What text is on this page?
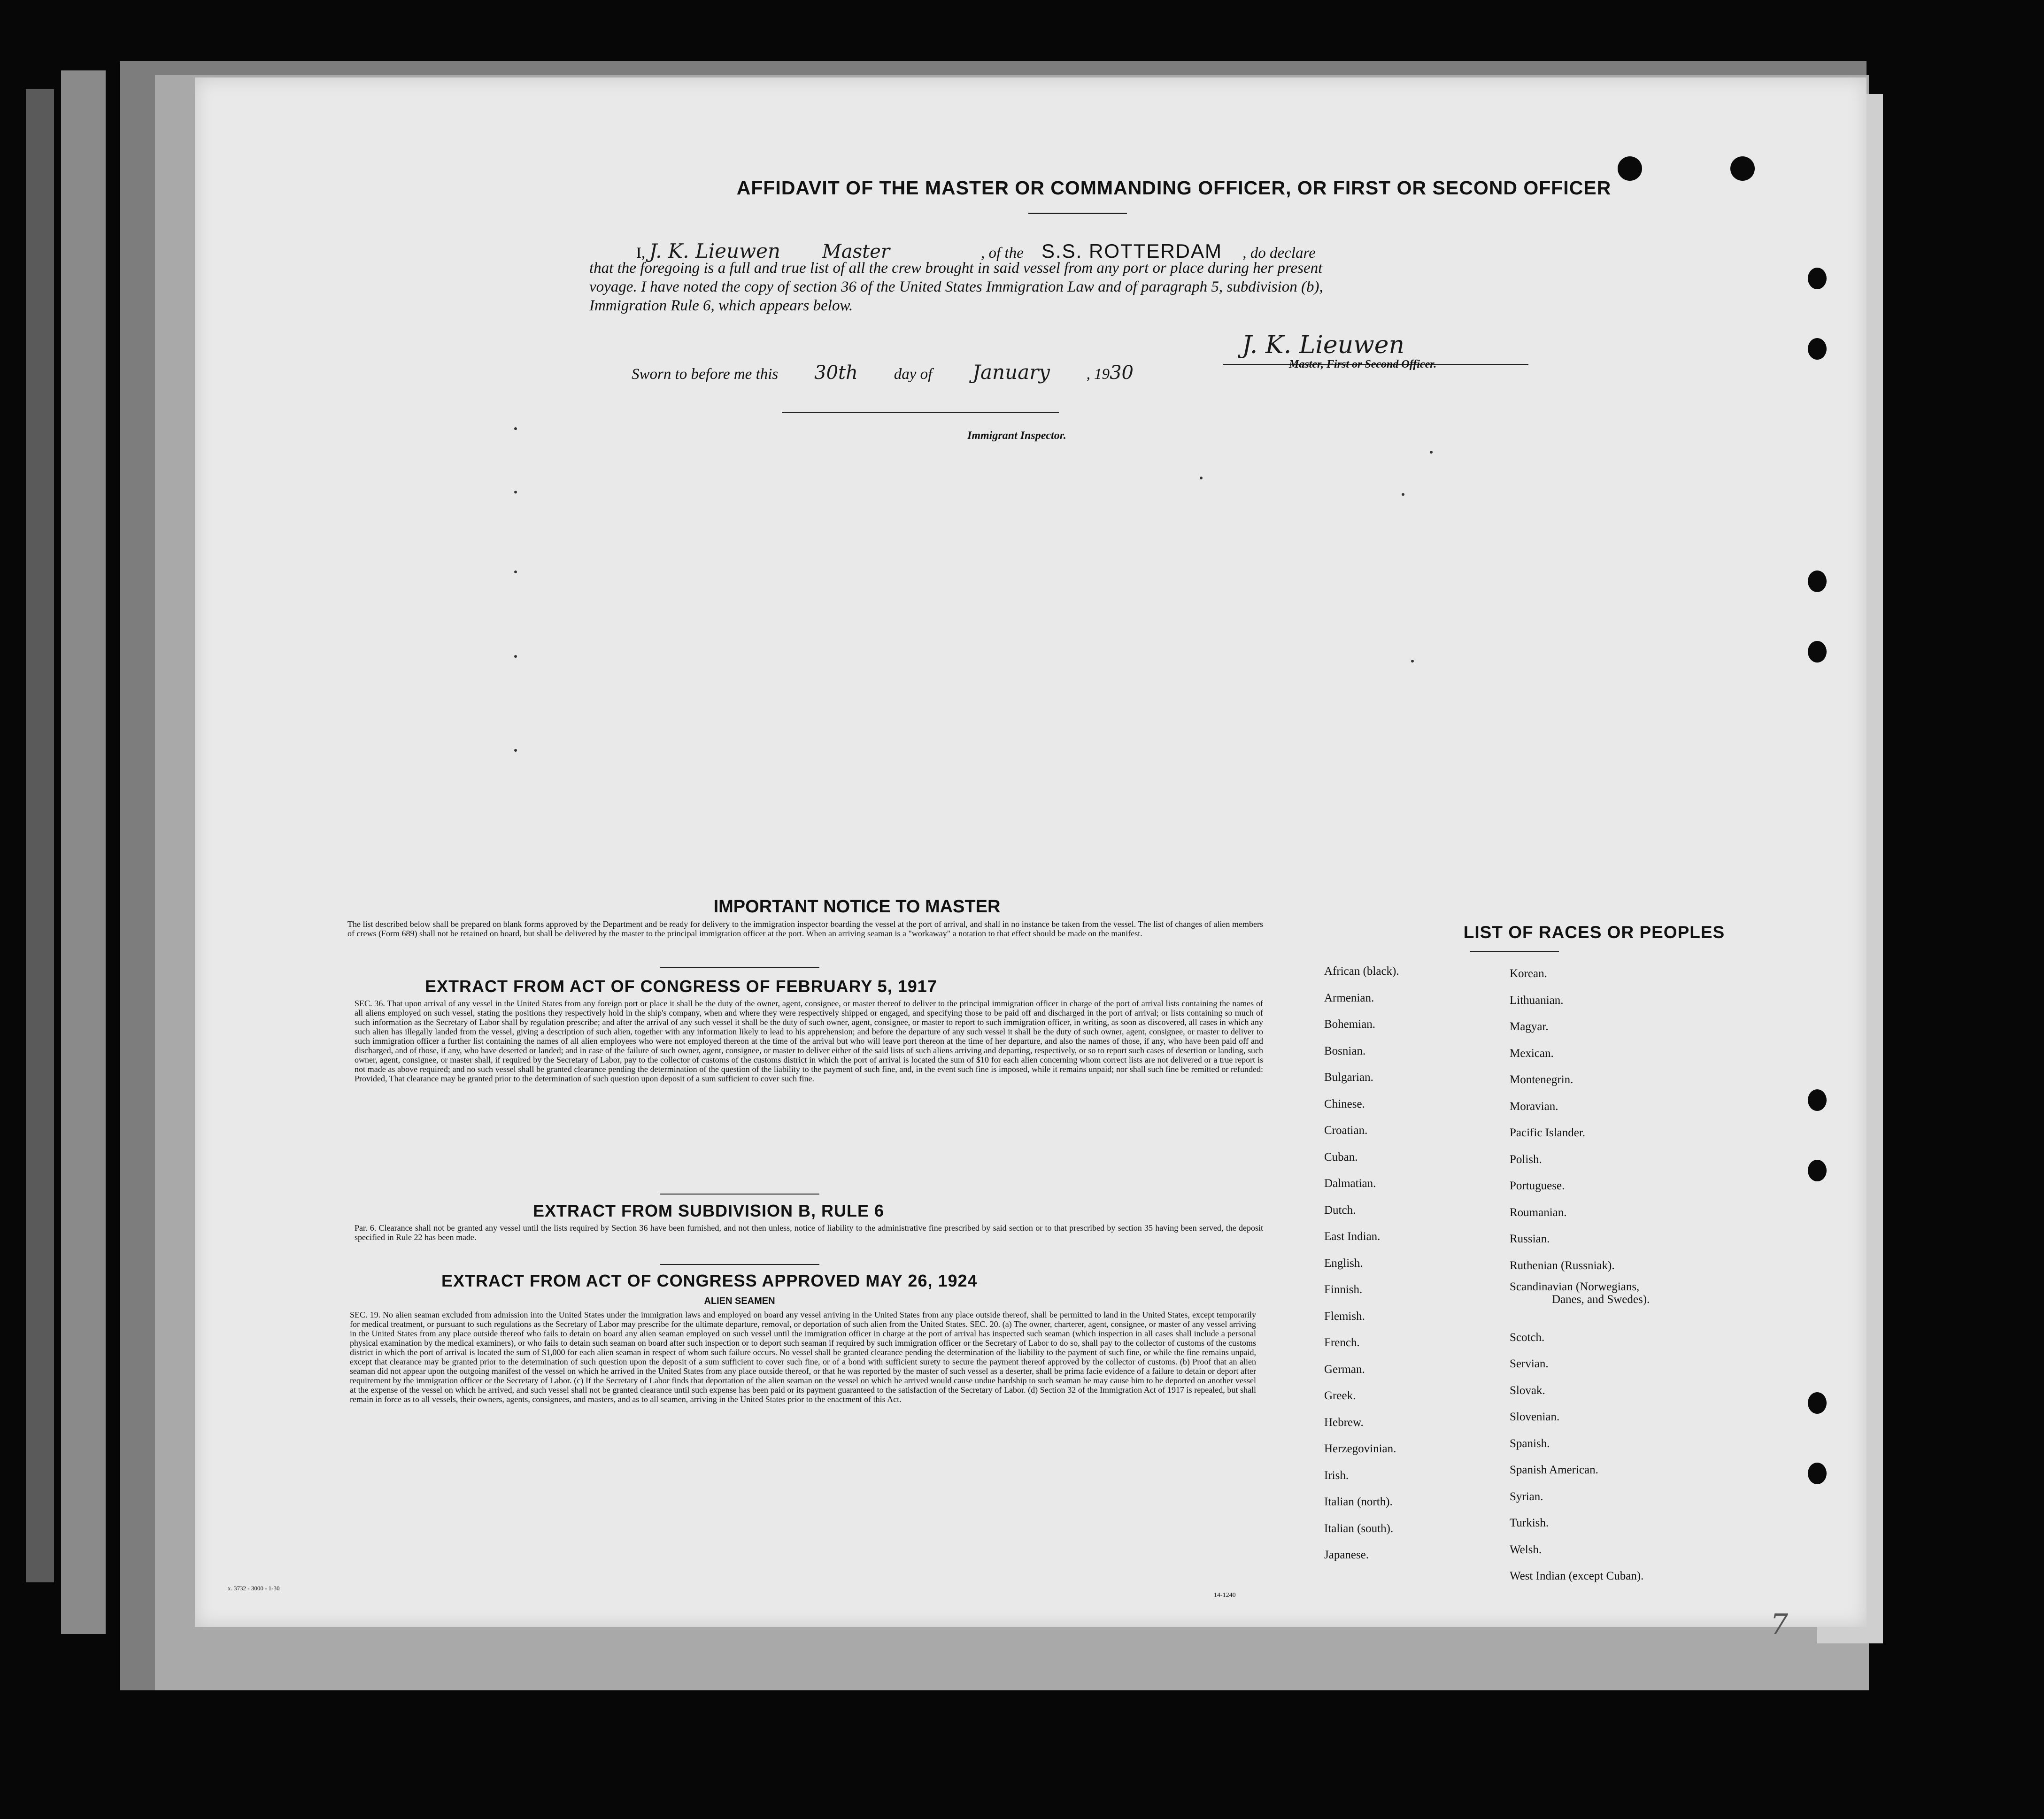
AFFIDAVIT OF THE MASTER OR COMMANDING OFFICER, OR FIRST OR SECOND OFFICER
I, J. K. Lieuwen Master	, of the S.S. ROTTERDAM , do declare
that the foregoing is a full and true list of all the crew brought in said vessel from any port or place during her present
voyage. I have noted the copy of section 36 of the United States Immigration Law and of paragraph 5, subdivision (b),
Immigration Rule 6, which appears below.
Sworn to before me this 30th day of January , 1930
J. K. Lieuwen
Master, First or Second Officer.
Immigrant Inspector.
IMPORTANT NOTICE TO MASTER
The list described below shall be prepared on blank forms approved by the Department and be ready for delivery to the immigration inspector boarding the vessel at the port of arrival, and shall in no instance be taken from the vessel. The list of changes of alien members of crews (Form 689) shall not be retained on board, but shall be delivered by the master to the principal immigration officer at the port. When an arriving seaman is a "workaway" a notation to that effect should be made on the manifest.
EXTRACT FROM ACT OF CONGRESS OF FEBRUARY 5, 1917
SEC. 36. That upon arrival of any vessel in the United States from any foreign port or place it shall be the duty of the owner, agent, consignee, or master thereof to deliver to the principal immigration officer in charge of the port of arrival lists containing the names of all aliens employed on such vessel, stating the positions they respectively hold in the ship's company, when and where they were respectively shipped or engaged, and specifying those to be paid off and discharged in the port of arrival; or lists containing so much of such information as the Secretary of Labor shall by regulation prescribe; and after the arrival of any such vessel it shall be the duty of such owner, agent, consignee, or master to report to such immigration officer, in writing, as soon as discovered, all cases in which any such alien has illegally landed from the vessel, giving a description of such alien, together with any information likely to lead to his apprehension; and before the departure of any such vessel it shall be the duty of such owner, agent, consignee, or master to deliver to such immigration officer a further list containing the names of all alien employees who were not employed thereon at the time of the arrival but who will leave port thereon at the time of her departure, and also the names of those, if any, who have been paid off and discharged, and of those, if any, who have deserted or landed; and in case of the failure of such owner, agent, consignee, or master to deliver either of the said lists of such aliens arriving and departing, respectively, or so to report such cases of desertion or landing, such owner, agent, consignee, or master shall, if required by the Secretary of Labor, pay to the collector of customs of the customs district in which the port of arrival is located the sum of $10 for each alien concerning whom correct lists are not delivered or a true report is not made as above required; and no such vessel shall be granted clearance pending the determination of the question of the liability to the payment of such fine, and, in the event such fine is imposed, while it remains unpaid; nor shall such fine be remitted or refunded: Provided, That clearance may be granted prior to the determination of such question upon deposit of a sum sufficient to cover such fine.
EXTRACT FROM SUBDIVISION B, RULE 6
Par. 6. Clearance shall not be granted any vessel until the lists required by Section 36 have been furnished, and not then unless, notice of liability to the administrative fine prescribed by said section or to that prescribed by section 35 having been served, the deposit specified in Rule 22 has been made.
EXTRACT FROM ACT OF CONGRESS APPROVED MAY 26, 1924
ALIEN SEAMEN
SEC. 19. No alien seaman excluded from admission into the United States under the immigration laws and employed on board any vessel arriving in the United States from any place outside thereof, shall be permitted to land in the United States, except temporarily for medical treatment, or pursuant to such regulations as the Secretary of Labor may prescribe for the ultimate departure, removal, or deportation of such alien from the United States. SEC. 20. (a) The owner, charterer, agent, consignee, or master of any vessel arriving in the United States from any place outside thereof who fails to detain on board any alien seaman employed on such vessel until the immigration officer in charge at the port of arrival has inspected such seaman (which inspection in all cases shall include a personal physical examination by the medical examiners), or who fails to detain such seaman on board after such inspection or to deport such seaman if required by such immigration officer or the Secretary of Labor to do so, shall pay to the collector of customs of the customs district in which the port of arrival is located the sum of $1,000 for each alien seaman in respect of whom such failure occurs. No vessel shall be granted clearance pending the determination of the liability to the payment of such fine, or while the fine remains unpaid, except that clearance may be granted prior to the determination of such question upon the deposit of a sum sufficient to cover such fine, or of a bond with sufficient surety to secure the payment thereof approved by the collector of customs. (b) Proof that an alien seaman did not appear upon the outgoing manifest of the vessel on which he arrived in the United States from any place outside thereof, or that he was reported by the master of such vessel as a deserter, shall be prima facie evidence of a failure to detain or deport after requirement by the immigration officer or the Secretary of Labor. (c) If the Secretary of Labor finds that deportation of the alien seaman on the vessel on which he arrived would cause undue hardship to such seaman he may cause him to be deported on another vessel at the expense of the vessel on which he arrived, and such vessel shall not be granted clearance until such expense has been paid or its payment guaranteed to the satisfaction of the Secretary of Labor. (d) Section 32 of the Immigration Act of 1917 is repealed, but shall remain in force as to all vessels, their owners, agents, consignees, and masters, and as to all seamen, arriving in the United States prior to the enactment of this Act.
14-1240
LIST OF RACES OR PEOPLES
x. 3732 - 3000 - 1-30
7
African (black).
Armenian.
Bohemian.
Bosnian.
Bulgarian.
Chinese.
Croatian.
Cuban.
Dalmatian.
Dutch.
East Indian.
English.
Finnish.
Flemish.
French.
German.
Greek.
Hebrew.
Herzegovinian.
Irish.
Italian (north).
Italian (south).
Japanese.
Korean.
Lithuanian.
Magyar.
Mexican.
Montenegrin.
Moravian.
Pacific Islander.
Polish.
Portuguese.
Roumanian.
Russian.
Ruthenian (Russniak).
Scandinavian (Norwegians,
Danes, and Swedes).
Scotch.
Servian.
Slovak.
Slovenian.
Spanish.
Spanish American.
Syrian.
Turkish.
Welsh.
West Indian (except Cuban).
